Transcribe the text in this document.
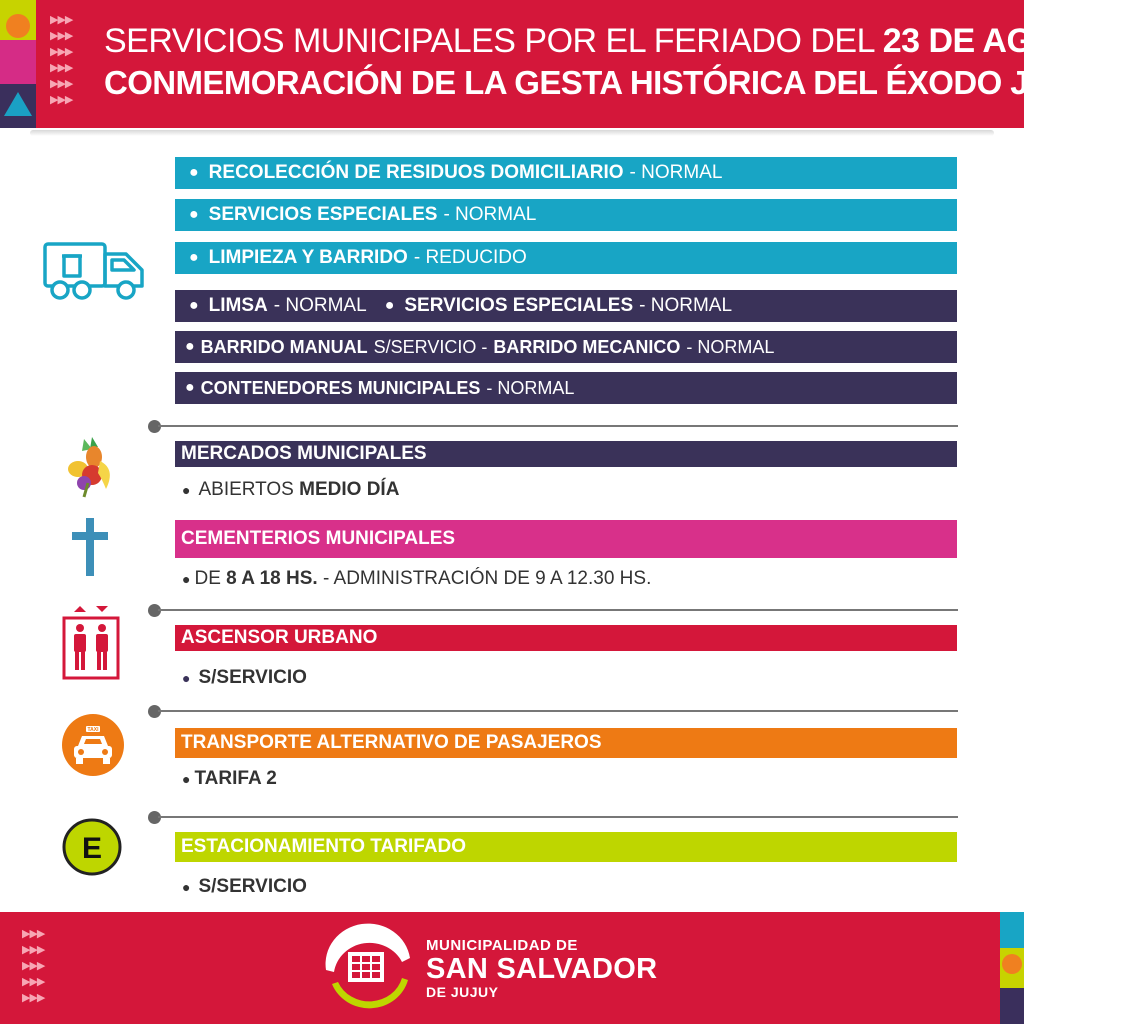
▶▶▶
▶▶▶
▶▶▶
▶▶▶
▶▶▶
▶▶▶
SERVICIOS MUNICIPALES POR EL FERIADO DEL 23 DE AGOSTO
CONMEMORACIÓN DE LA GESTA HISTÓRICA DEL ÉXODO JUJEÑO
● RECOLECCIÓN DE RESIDUOS DOMICILIARIO - NORMAL
● SERVICIOS ESPECIALES - NORMAL
● LIMPIEZA Y BARRIDO - REDUCIDO
● LIMSA - NORMAL ● SERVICIOS ESPECIALES - NORMAL
● BARRIDO MANUAL S/SERVICIO - BARRIDO MECANICO - NORMAL
● CONTENEDORES MUNICIPALES - NORMAL
MERCADOS MUNICIPALES
● ABIERTOS MEDIO DÍA
CEMENTERIOS MUNICIPALES
● DE 8 A 18 HS. - ADMINISTRACIÓN DE 9 A 12.30 HS.
ASCENSOR URBANO
● S/SERVICIO
TAXI
TRANSPORTE ALTERNATIVO DE PASAJEROS
● TARIFA 2
E	ESTACIONAMIENTO TARIFADO
● S/SERVICIO
▶▶▶
▶▶▶
▶▶▶
▶▶▶
▶▶▶
MUNICIPALIDAD DE
SAN SALVADOR
DE JUJUY
